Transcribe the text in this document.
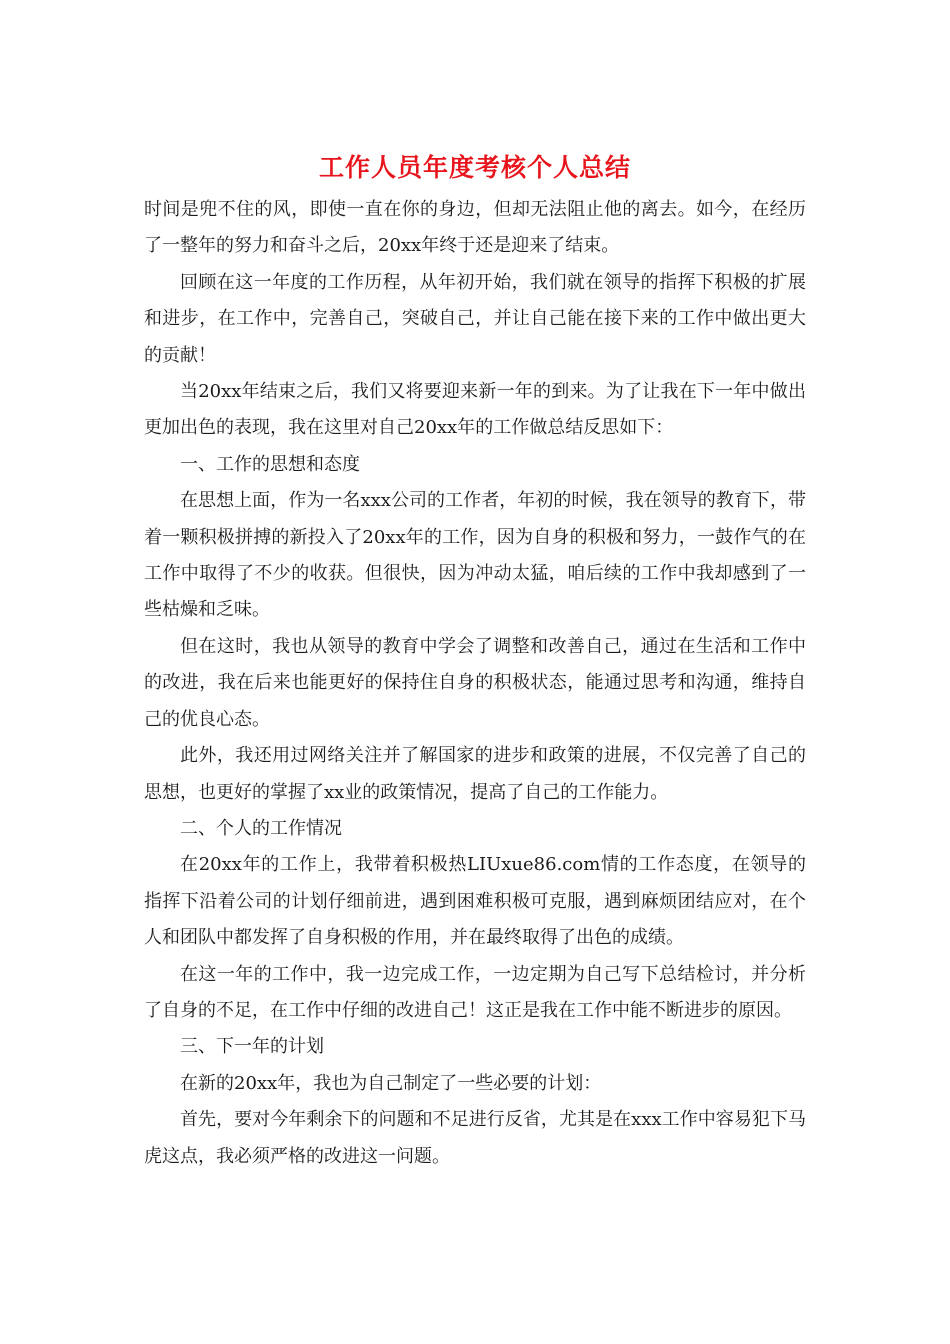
工作人员年度考核个人总结

时间是兜不住的风，即使一直在你的身边，但却无法阻止他的离去。如今，在经历了一整年的努力和奋斗之后，20xx年终于还是迎来了结束。

回顾在这一年度的工作历程，从年初开始，我们就在领导的指挥下积极的扩展和进步，在工作中，完善自己，突破自己，并让自己能在接下来的工作中做出更大的贡献！

当20xx年结束之后，我们又将要迎来新一年的到来。为了让我在下一年中做出更加出色的表现，我在这里对自己20xx年的工作做总结反思如下：

一、工作的思想和态度

在思想上面，作为一名xxx公司的工作者，年初的时候，我在领导的教育下，带着一颗积极拼搏的新投入了20xx年的工作，因为自身的积极和努力，一鼓作气的在工作中取得了不少的收获。但很快，因为冲动太猛，咱后续的工作中我却感到了一些枯燥和乏味。

但在这时，我也从领导的教育中学会了调整和改善自己，通过在生活和工作中的改进，我在后来也能更好的保持住自身的积极状态，能通过思考和沟通，维持自己的优良心态。

此外，我还用过网络关注并了解国家的进步和政策的进展，不仅完善了自己的思想，也更好的掌握了xx业的政策情况，提高了自己的工作能力。

二、个人的工作情况

在20xx年的工作上，我带着积极热LIUxue86.com情的工作态度，在领导的指挥下沿着公司的计划仔细前进，遇到困难积极可克服，遇到麻烦团结应对，在个人和团队中都发挥了自身积极的作用，并在最终取得了出色的成绩。

在这一年的工作中，我一边完成工作，一边定期为自己写下总结检讨，并分析了自身的不足，在工作中仔细的改进自己！这正是我在工作中能不断进步的原因。

三、下一年的计划

在新的20xx年，我也为自己制定了一些必要的计划：

首先，要对今年剩余下的问题和不足进行反省，尤其是在xxx工作中容易犯下马虎这点，我必须严格的改进这一问题。
